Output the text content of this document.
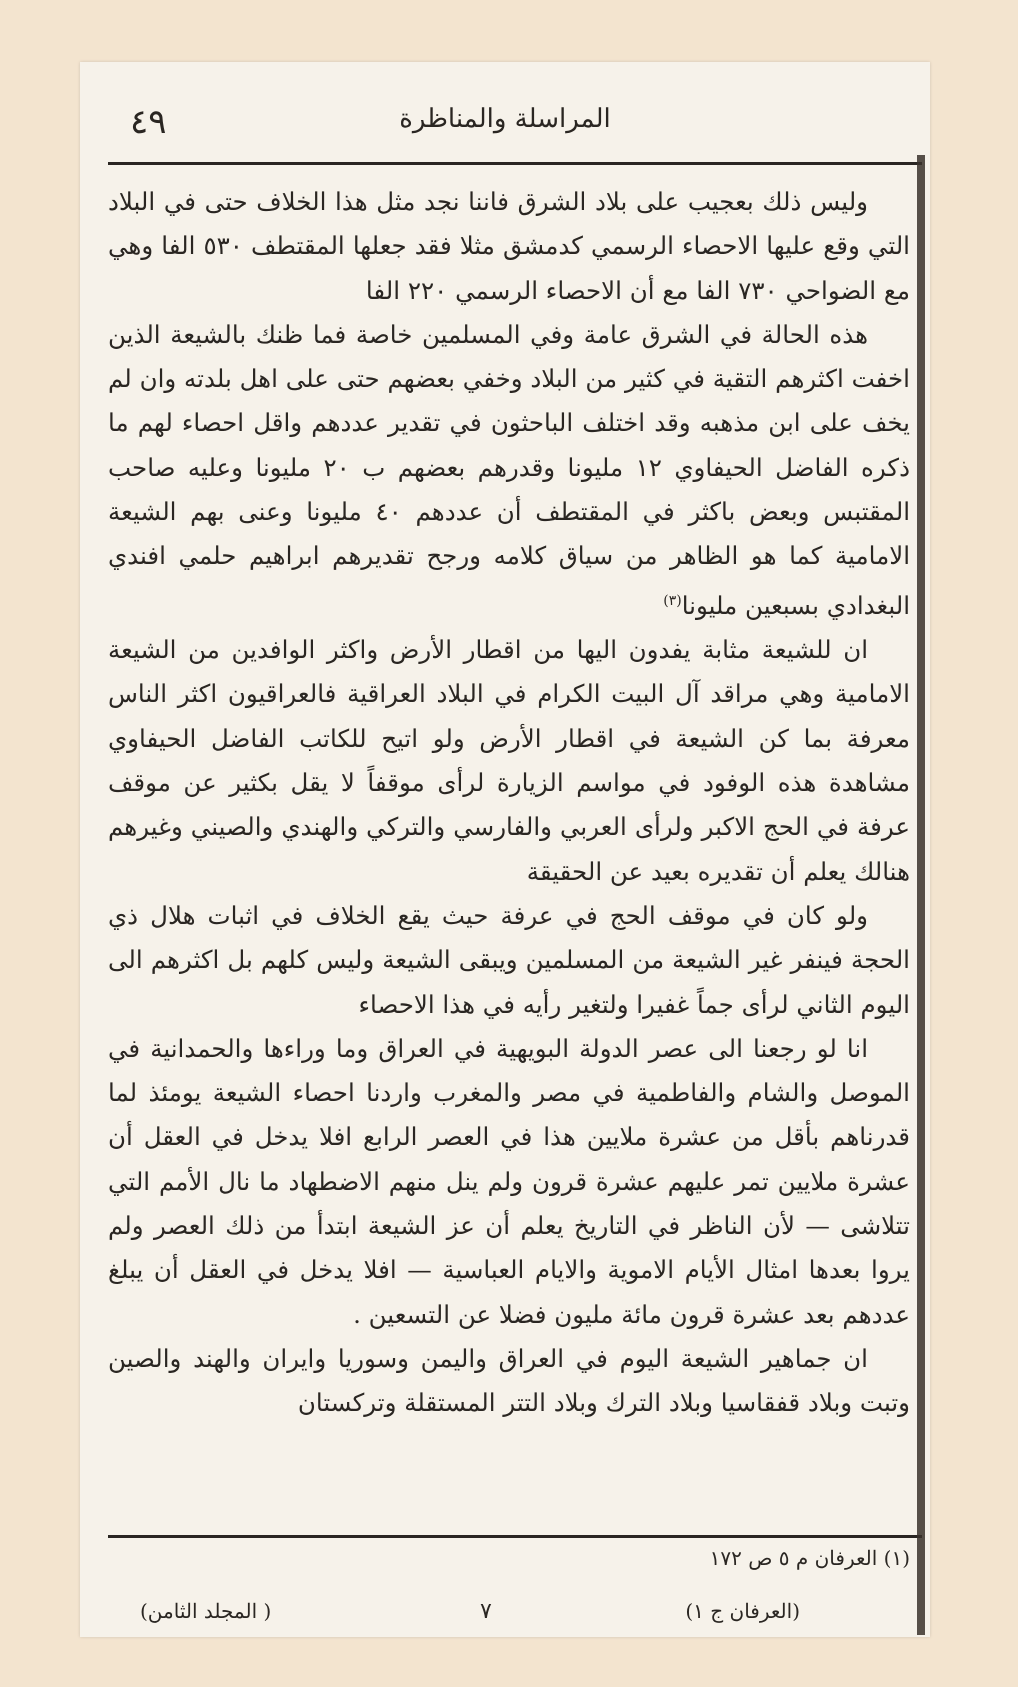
٤٩	المراسلة والمناظرة

وليس ذلك بعجيب على بلاد الشرق فاننا نجد مثل هذا الخلاف حتى في البلاد التي وقع عليها الاحصاء الرسمي كدمشق مثلا فقد جعلها المقتطف ٥٣٠ الفا وهي مع الضواحي ٧٣٠ الفا مع أن الاحصاء الرسمي ٢٢٠ الفا

هذه الحالة في الشرق عامة وفي المسلمين خاصة فما ظنك بالشيعة الذين اخفت اكثرهم التقية في كثير من البلاد وخفي بعضهم حتى على اهل بلدته وان لم يخف على ابن مذهبه وقد اختلف الباحثون في تقدير عددهم واقل احصاء لهم ما ذكره الفاضل الحيفاوي ١٢ مليونا وقدرهم بعضهم ب ٢٠ مليونا وعليه صاحب المقتبس وبعض باكثر في المقتطف أن عددهم ٤٠ مليونا وعنى بهم الشيعة الامامية كما هو الظاهر من سياق كلامه ورجح تقديرهم ابراهيم حلمي افندي البغدادي بسبعين مليونا$^{(٣)}$

ان للشيعة مثابة يفدون اليها من اقطار الأرض واكثر الوافدين من الشيعة الامامية وهي مراقد آل البيت الكرام في البلاد العراقية فالعراقيون اكثر الناس معرفة بما كن الشيعة في اقطار الأرض ولو اتيح للكاتب الفاضل الحيفاوي مشاهدة هذه الوفود في مواسم الزيارة لرأى موقفاً لا يقل بكثير عن موقف عرفة في الحج الاكبر ولرأى العربي والفارسي والتركي والهندي والصيني وغيرهم هنالك يعلم أن تقديره بعيد عن الحقيقة

ولو كان في موقف الحج في عرفة حيث يقع الخلاف في اثبات هلال ذي الحجة فينفر غير الشيعة من المسلمين ويبقى الشيعة وليس كلهم بل اكثرهم الى اليوم الثاني لرأى جماً غفيرا ولتغير رأيه في هذا الاحصاء

انا لو رجعنا الى عصر الدولة البويهية في العراق وما وراءها والحمدانية في الموصل والشام والفاطمية في مصر والمغرب واردنا احصاء الشيعة يومئذ لما قدرناهم بأقل من عشرة ملايين هذا في العصر الرابع افلا يدخل في العقل أن عشرة ملايين تمر عليهم عشرة قرون ولم ينل منهم الاضطهاد ما نال الأمم التي تتلاشى — لأن الناظر في التاريخ يعلم أن عز الشيعة ابتدأ من ذلك العصر ولم يروا بعدها امثال الأيام الاموية والايام العباسية — افلا يدخل في العقل أن يبلغ عددهم بعد عشرة قرون مائة مليون فضلا عن التسعين .

ان جماهير الشيعة اليوم في العراق واليمن وسوريا وايران والهند والصين وتبت وبلاد قفقاسيا وبلاد الترك وبلاد التتر المستقلة وتركستان

(١) العرفان م ٥ ص ١٧٢
(العرفان ج ١)
٧
( المجلد الثامن)
